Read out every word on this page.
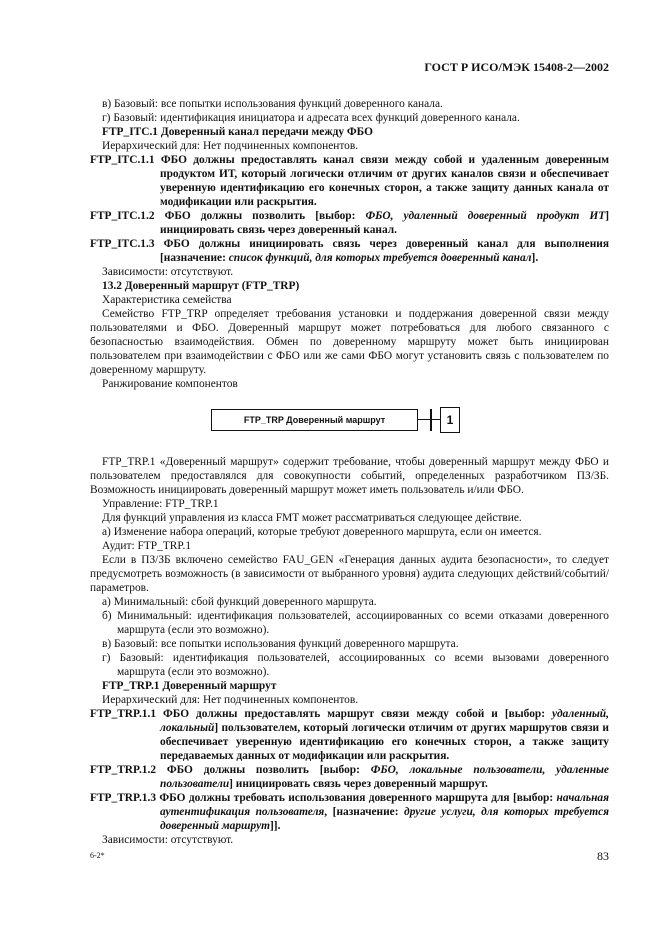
ГОСТ Р ИСО/МЭК 15408-2—2002

в) Базовый: все попытки использования функций доверенного канала.

г) Базовый: идентификация инициатора и адресата всех функций доверенного канала.

FTP_ITC.1 Доверенный канал передачи между ФБО

Иерархический для: Нет подчиненных компонентов.

FTP_ITC.1.1 ФБО должны предоставлять канал связи между собой и удаленным доверенным продуктом ИТ, который логически отличим от других каналов связи и обеспечивает уверенную идентификацию его конечных сторон, а также защиту данных канала от модификации или раскрытия.

FTP_ITC.1.2 ФБО должны позволить [выбор: ФБО, удаленный доверенный продукт ИТ] инициировать связь через доверенный канал.

FTP_ITC.1.3 ФБО должны инициировать связь через доверенный канал для выполнения [назначение: список функций, для которых требуется доверенный канал].

Зависимости: отсутствуют.

13.2 Доверенный маршрут (FTP_TRP)

Характеристика семейства

Семейство FTP_TRP определяет требования установки и поддержания доверенной связи между пользователями и ФБО. Доверенный маршрут может потребоваться для любого связанного с безопасностью взаимодействия. Обмен по доверенному маршруту может быть инициирован пользователем при взаимодействии с ФБО или же сами ФБО могут установить связь с пользователем по доверенному маршруту.

Ранжирование компонентов

FTP_TRP Доверенный маршрут	1

FTP_TRP.1 «Доверенный маршрут» содержит требование, чтобы доверенный маршрут между ФБО и пользователем предоставлялся для совокупности событий, определенных разработчиком ПЗ/ЗБ. Возможность инициировать доверенный маршрут может иметь пользователь и/или ФБО.

Управление: FTP_TRP.1

Для функций управления из класса FMT может рассматриваться следующее действие.

а) Изменение набора операций, которые требуют доверенного маршрута, если он имеется.

Аудит: FTP_TRP.1

Если в ПЗ/ЗБ включено семейство FAU_GEN «Генерация данных аудита безопасности», то следует предусмотреть возможность (в зависимости от выбранного уровня) аудита следующих действий/событий/параметров.

а) Минимальный: сбой функций доверенного маршрута.

б) Минимальный: идентификация пользователей, ассоциированных со всеми отказами доверенного маршрута (если это возможно).

в) Базовый: все попытки использования функций доверенного маршрута.

г) Базовый: идентификация пользователей, ассоциированных со всеми вызовами доверенного маршрута (если это возможно).

FTP_TRP.1 Доверенный маршрут

Иерархический для: Нет подчиненных компонентов.

FTP_TRP.1.1 ФБО должны предоставлять маршрут связи между собой и [выбор: удаленный, локальный] пользователем, который логически отличим от других маршрутов связи и обеспечивает уверенную идентификацию его конечных сторон, а также защиту передаваемых данных от модификации или раскрытия.

FTP_TRP.1.2 ФБО должны позволить [выбор: ФБО, локальные пользователи, удаленные пользователи] инициировать связь через доверенный маршрут.

FTP_TRP.1.3 ФБО должны требовать использования доверенного маршрута для [выбор: начальная аутентификация пользователя, [назначение: другие услуги, для которых требуется доверенный маршрут]].

Зависимости: отсутствуют.

6-2*	83
